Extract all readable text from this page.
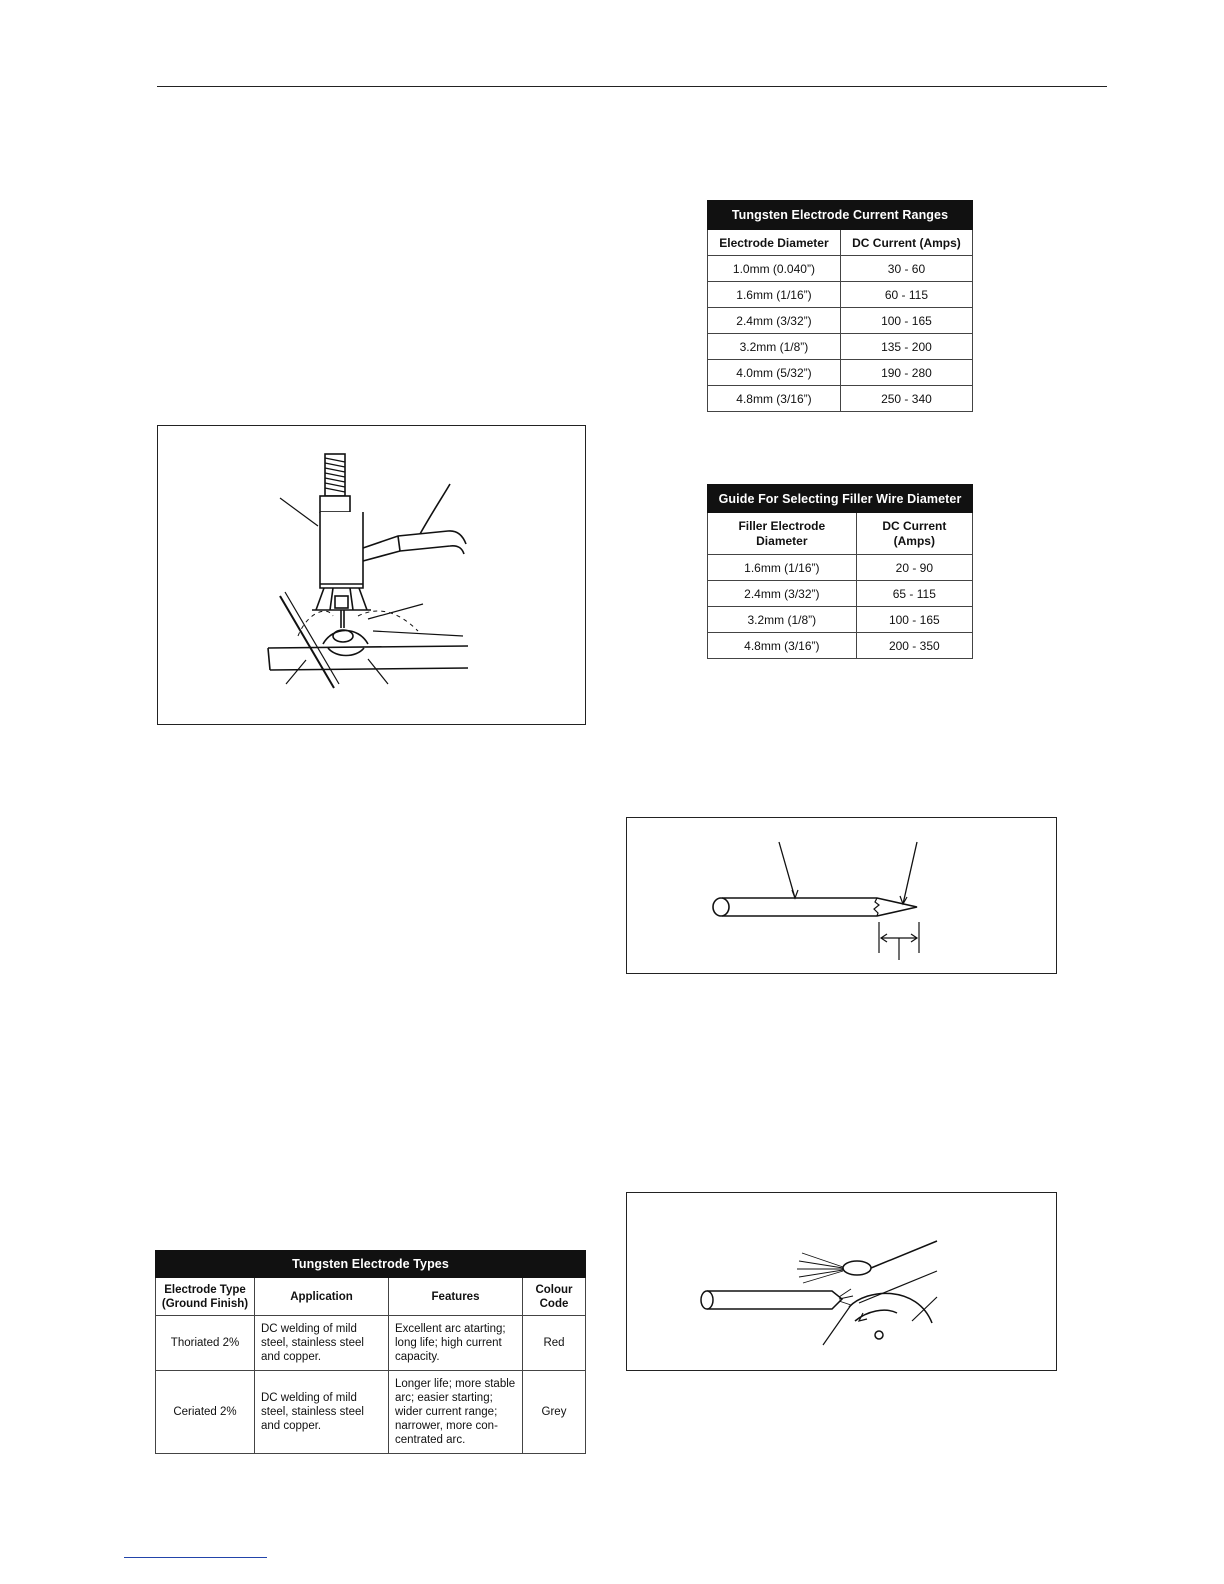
Tungsten Electrode Current Ranges	
Electrode Diameter	DC Current (Amps)
1.0mm (0.040”)	30 - 60
1.6mm (1/16”)	60 - 115
2.4mm (3/32”)	100 - 165
3.2mm (1/8”)	135 - 200
4.0mm (5/32”)	190 - 280
4.8mm (3/16”)	250 - 340
Guide For Selecting Filler Wire Diameter	
Filler Electrode Diameter	DC Current (Amps)
1.6mm (1/16”)	20 - 90
2.4mm (3/32”)	65 - 115
3.2mm (1/8”)	100 - 165
4.8mm (3/16”)	200 - 350
Tungsten Electrode Types			
Electrode Type (Ground Finish)	Application	Features	Colour Code
Thoriated 2%	DC welding of mild steel, stainless steel and copper.	Excellent arc atarting; long life; high current capacity.	Red
Ceriated 2%	DC welding of mild steel, stainless steel and copper.	Longer life; more stable arc; easier starting; wider current range; narrower, more con-centrated arc.	Grey
